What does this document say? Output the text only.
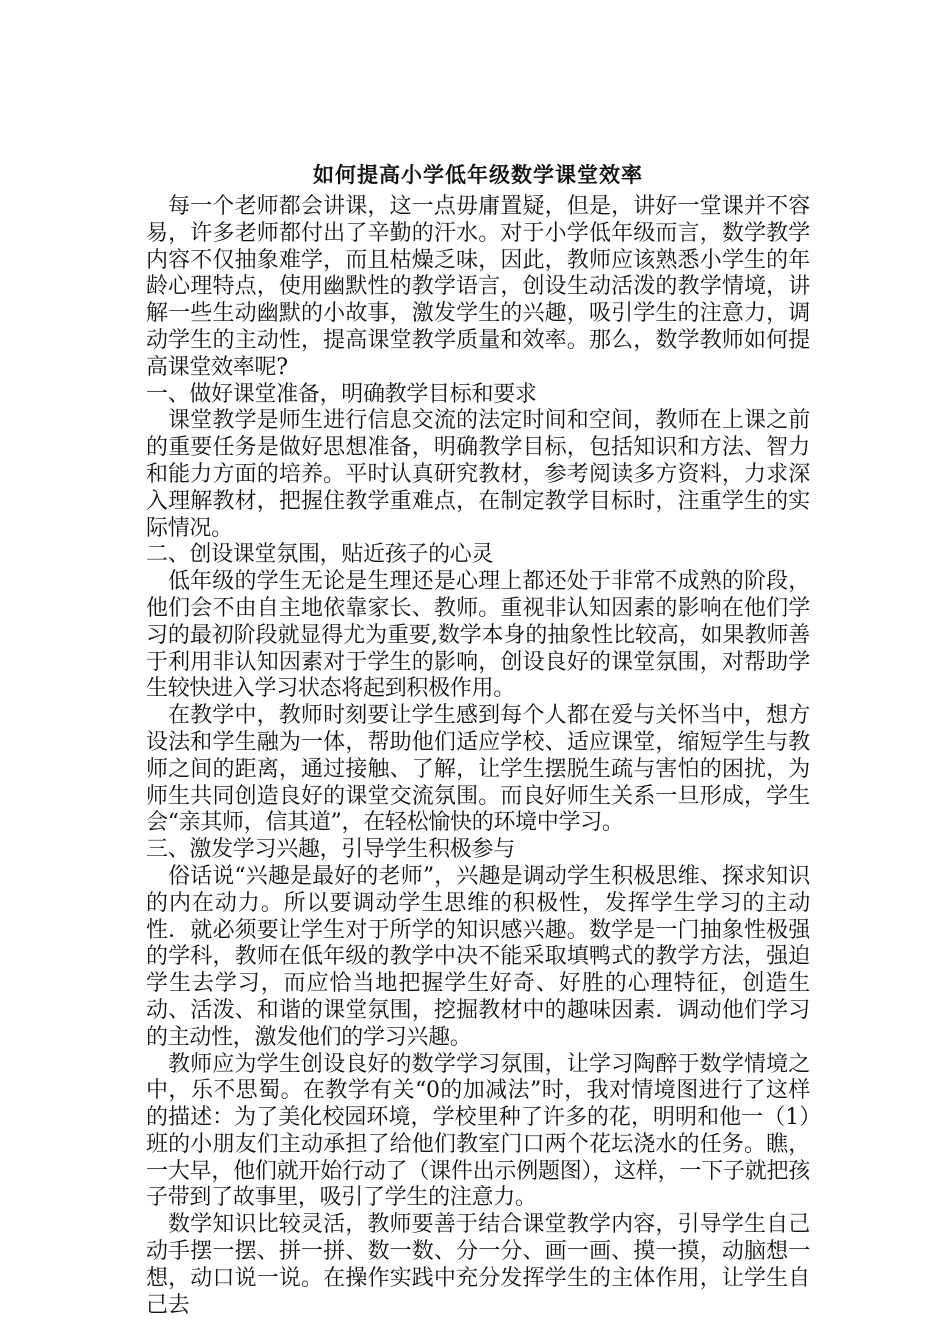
如何提高小学低年级数学课堂效率

每一个老师都会讲课，这一点毋庸置疑，但是，讲好一堂课并不容易，许多老师都付出了辛勤的汗水。对于小学低年级而言，数学教学内容不仅抽象难学，而且枯燥乏味，因此，教师应该熟悉小学生的年龄心理特点，使用幽默性的教学语言，创设生动活泼的教学情境，讲解一些生动幽默的小故事，激发学生的兴趣，吸引学生的注意力，调动学生的主动性，提高课堂教学质量和效率。那么，数学教师如何提高课堂效率呢?

一、做好课堂准备，明确教学目标和要求

课堂教学是师生进行信息交流的法定时间和空间，教师在上课之前的重要任务是做好思想准备，明确教学目标，包括知识和方法、智力和能力方面的培养。平时认真研究教材，参考阅读多方资料，力求深入理解教材，把握住教学重难点，在制定教学目标时，注重学生的实际情况。

二、创设课堂氛围，贴近孩子的心灵

低年级的学生无论是生理还是心理上都还处于非常不成熟的阶段，他们会不由自主地依靠家长、教师。重视非认知因素的影响在他们学习的最初阶段就显得尤为重要,数学本身的抽象性比较高，如果教师善于利用非认知因素对于学生的影响，创设良好的课堂氛围，对帮助学生较快进入学习状态将起到积极作用。

在教学中，教师时刻要让学生感到每个人都在爱与关怀当中，想方设法和学生融为一体，帮助他们适应学校、适应课堂，缩短学生与教师之间的距离，通过接触、了解，让学生摆脱生疏与害怕的困扰，为师生共同创造良好的课堂交流氛围。而良好师生关系一旦形成，学生会“亲其师，信其道”，在轻松愉快的环境中学习。

三、激发学习兴趣，引导学生积极参与

俗话说“兴趣是最好的老师”，兴趣是调动学生积极思维、探求知识的内在动力。所以要调动学生思维的积极性，发挥学生学习的主动性．就必须要让学生对于所学的知识感兴趣。数学是一门抽象性极强的学科，教师在低年级的教学中决不能采取填鸭式的教学方法，强迫学生去学习，而应恰当地把握学生好奇、好胜的心理特征，创造生动、活泼、和谐的课堂氛围，挖掘教材中的趣味因素．调动他们学习的主动性，激发他们的学习兴趣。

教师应为学生创设良好的数学学习氛围，让学习陶醉于数学情境之中，乐不思蜀。在教学有关“0的加减法”时，我对情境图进行了这样的描述：为了美化校园环境，学校里种了许多的花，明明和他一（1）班的小朋友们主动承担了给他们教室门口两个花坛浇水的任务。瞧，一大早，他们就开始行动了（课件出示例题图），这样，一下子就把孩子带到了故事里，吸引了学生的注意力。

数学知识比较灵活，教师要善于结合课堂教学内容，引导学生自己动手摆一摆、拼一拼、数一数、分一分、画一画、摸一摸，动脑想一想，动口说一说。在操作实践中充分发挥学生的主体作用，让学生自己去
